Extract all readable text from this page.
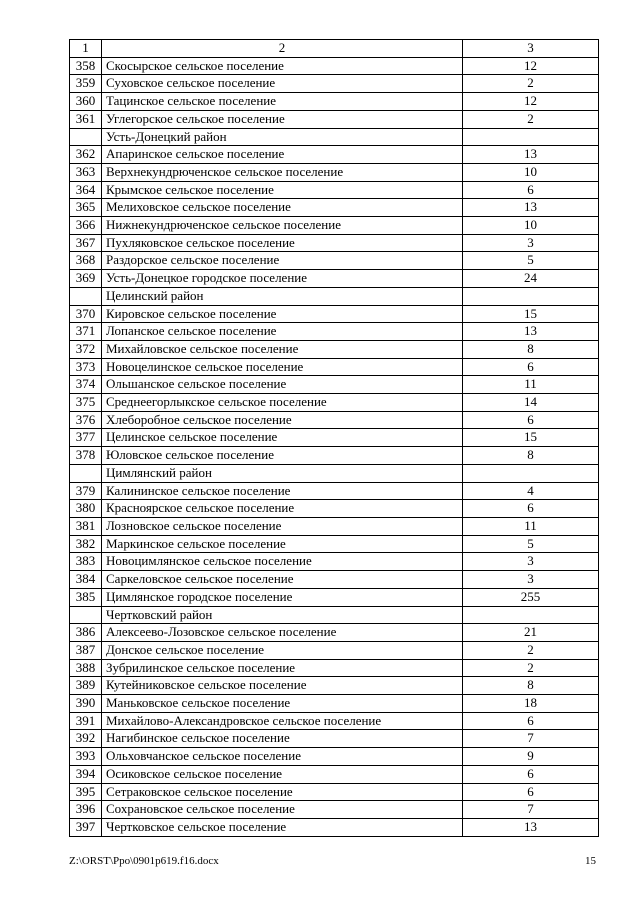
1	2	3
358	Скосырское сельское поселение	12
359	Суховское сельское поселение	2
360	Тацинское сельское поселение	12
361	Углегорское сельское поселение	2
	Усть-Донецкий район	
362	Апаринское сельское поселение	13
363	Верхнекундрюченское сельское поселение	10
364	Крымское сельское поселение	6
365	Мелиховское сельское поселение	13
366	Нижнекундрюченское сельское поселение	10
367	Пухляковское сельское поселение	3
368	Раздорское сельское поселение	5
369	Усть-Донецкое городское поселение	24
	Целинский район	
370	Кировское сельское поселение	15
371	Лопанское сельское поселение	13
372	Михайловское сельское поселение	8
373	Новоцелинское сельское поселение	6
374	Ольшанское сельское поселение	11
375	Среднеегорлыкское сельское поселение	14
376	Хлеборобное сельское поселение	6
377	Целинское сельское поселение	15
378	Юловское сельское поселение	8
	Цимлянский район	
379	Калининское сельское поселение	4
380	Красноярское сельское поселение	6
381	Лозновское сельское поселение	11
382	Маркинское сельское поселение	5
383	Новоцимлянское сельское поселение	3
384	Саркеловское сельское поселение	3
385	Цимлянское городское поселение	255
	Чертковский район	
386	Алексеево-Лозовское сельское поселение	21
387	Донское сельское поселение	2
388	Зубрилинское сельское поселение	2
389	Кутейниковское сельское поселение	8
390	Маньковское сельское поселение	18
391	Михайлово-Александровское сельское поселение	6
392	Нагибинское сельское поселение	7
393	Ольховчанское сельское поселение	9
394	Осиковское сельское поселение	6
395	Сетраковское сельское поселение	6
396	Сохрановское сельское поселение	7
397	Чертковское сельское поселение	13
Z:\ORST\Ppo\0901p619.f16.docx	15
